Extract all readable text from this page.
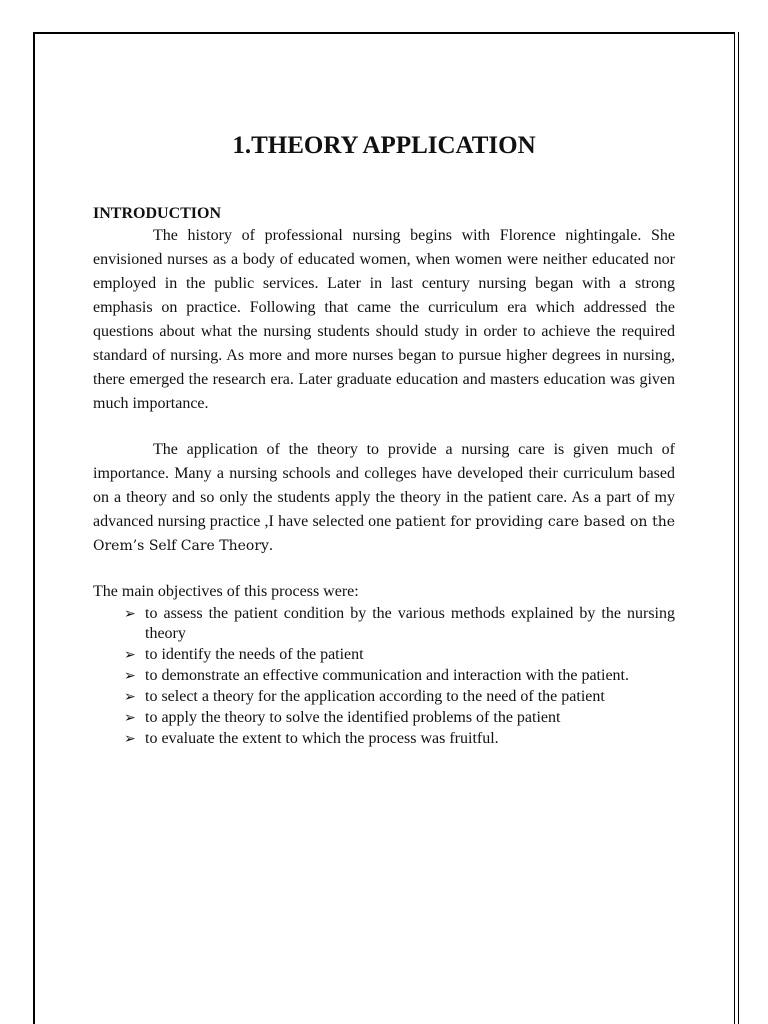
1.THEORY APPLICATION
INTRODUCTION

The history of professional nursing begins with Florence nightingale. She envisioned nurses as a body of educated women, when women were neither educated nor employed in the public services. Later in last century nursing began with a strong emphasis on practice. Following that came the curriculum era which addressed the questions about what the nursing students should study in order to achieve the required standard of nursing. As more and more nurses began to pursue higher degrees in nursing, there emerged the research era. Later graduate education and masters education was given much importance.

The application of the theory to provide a nursing care is given much of importance. Many a nursing schools and colleges have developed their curriculum based on a theory and so only the students apply the theory in the patient care. As a part of my advanced nursing practice ,I have selected one patient for providing care based on the Orem’s Self Care Theory.

The main objectives of this process were:

➢ to assess the patient condition by the various methods explained by the nursing theory
➢ to identify the needs of the patient
➢ to demonstrate an effective communication and interaction with the patient.
➢ to select a theory for the application according to the need of the patient
➢ to apply the theory to solve the identified problems of the patient
➢ to evaluate the extent to which the process was fruitful.
